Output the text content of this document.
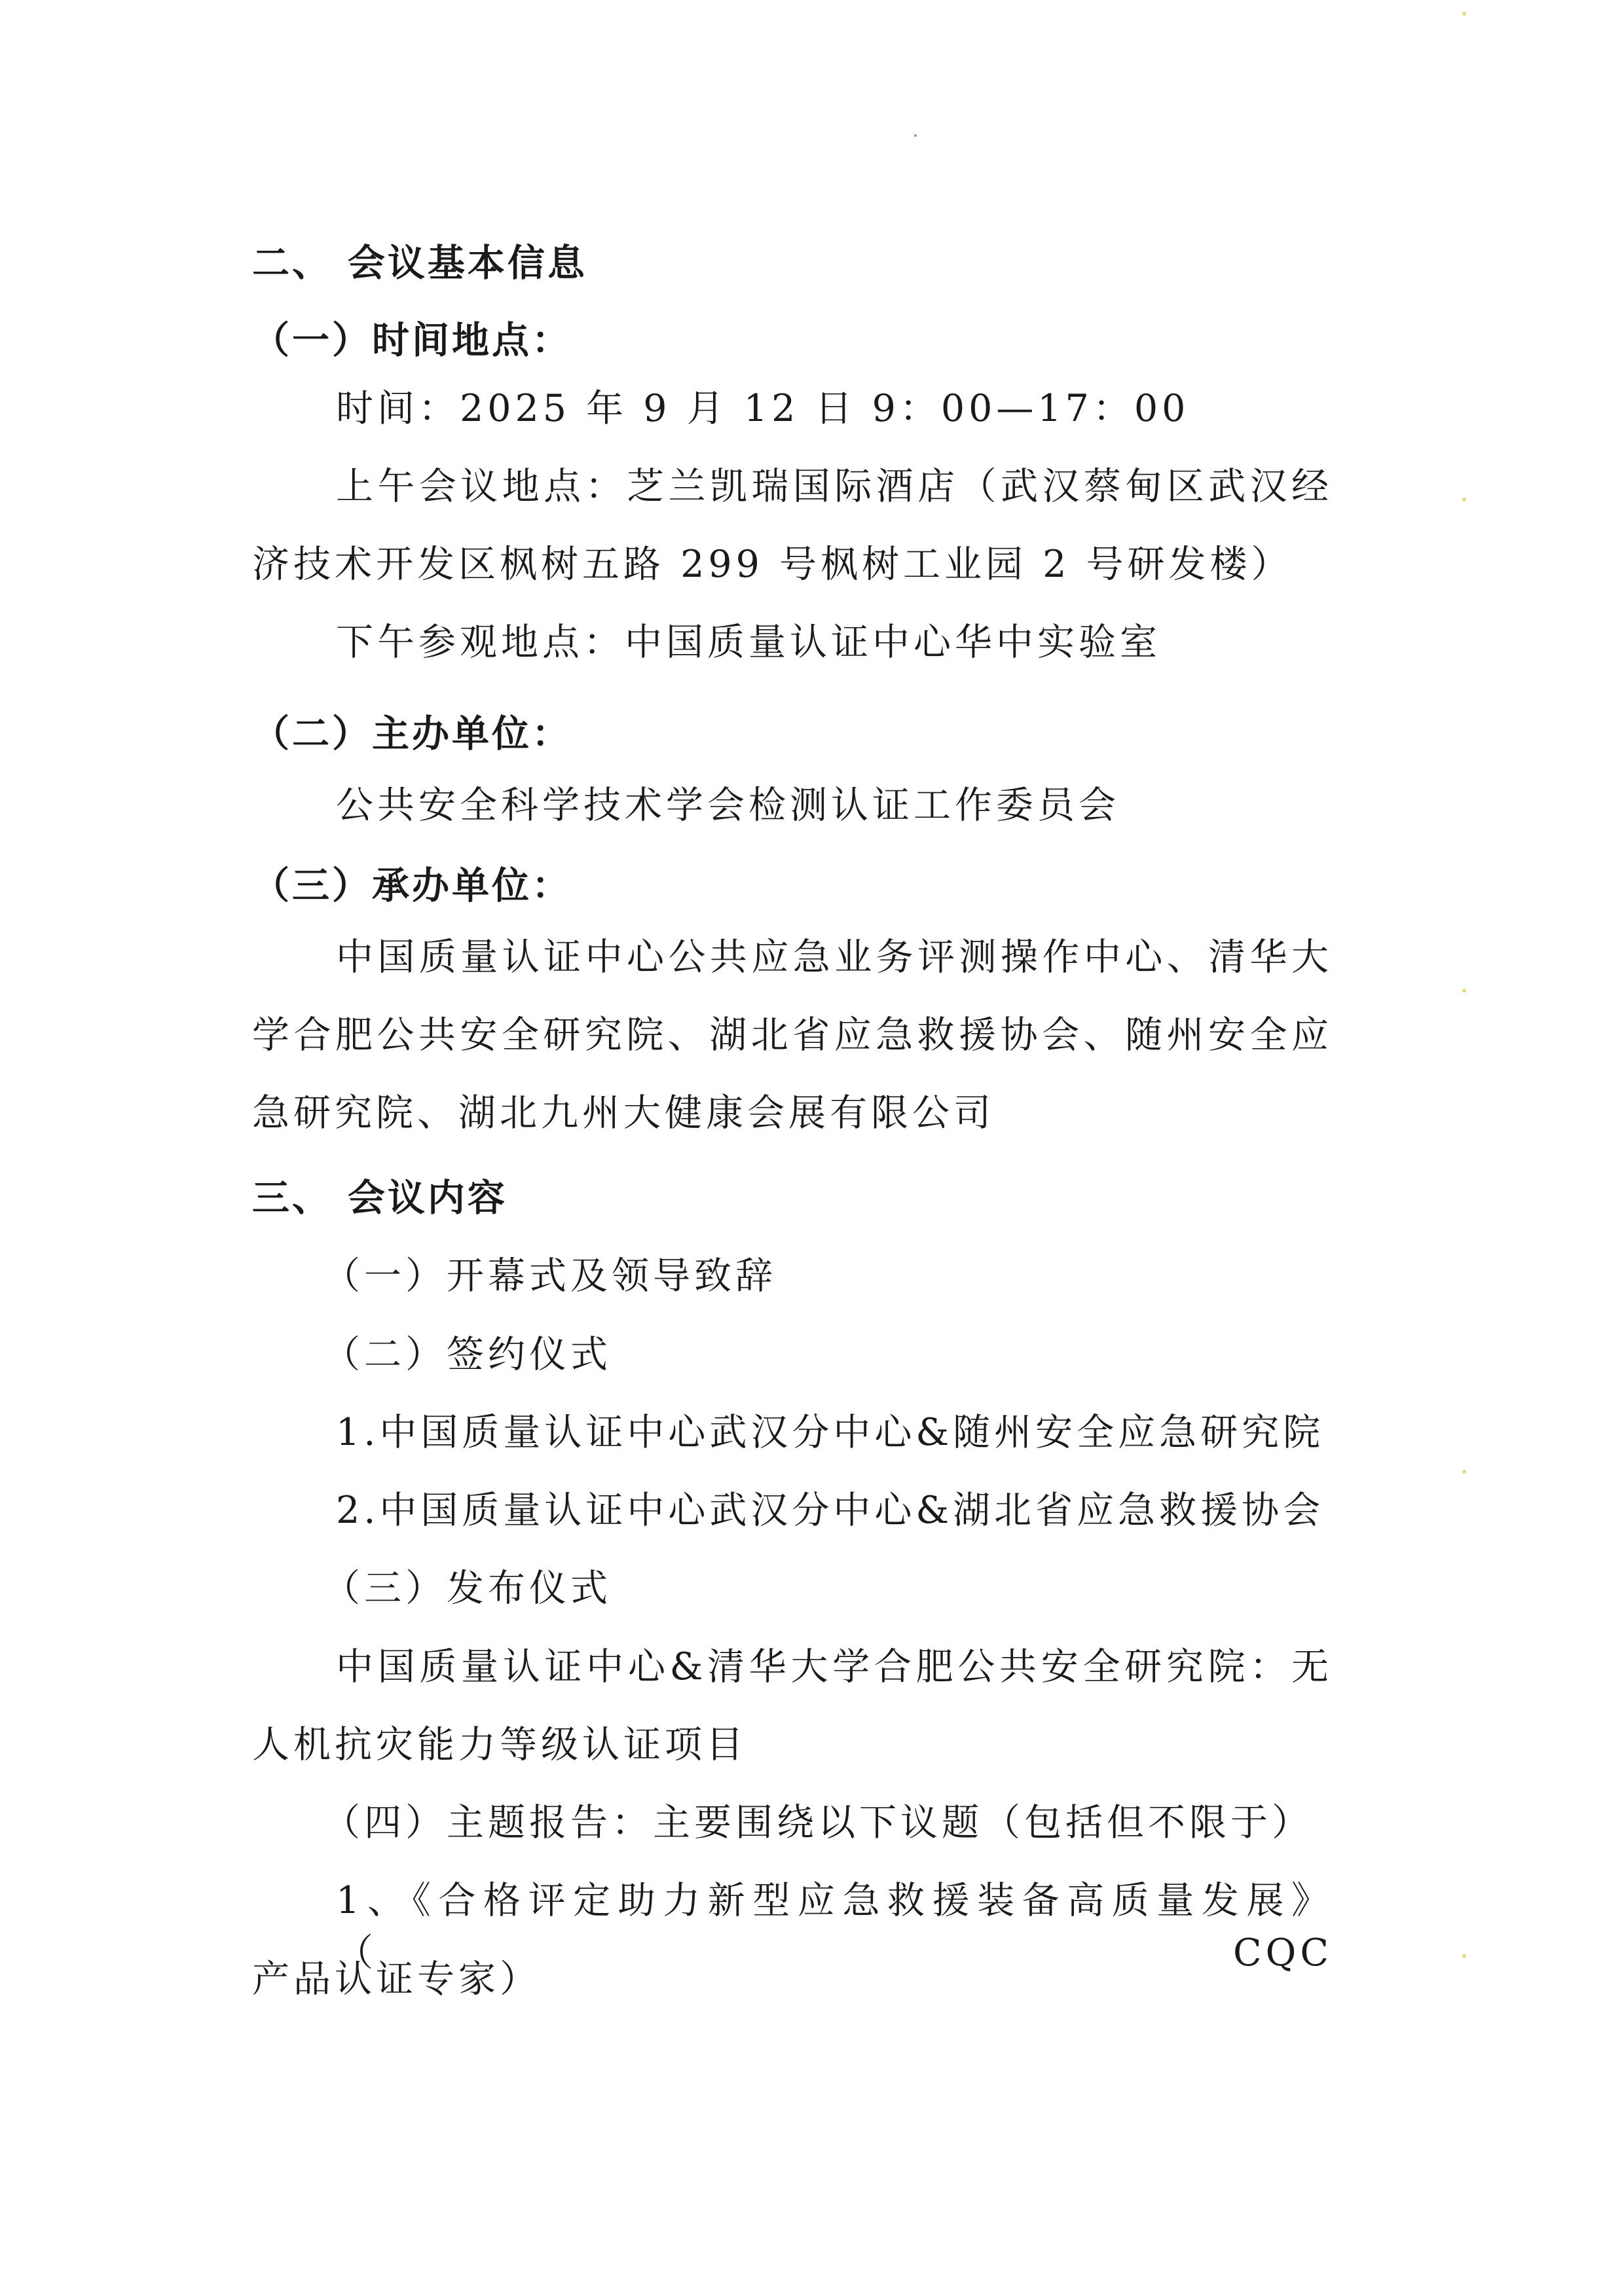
二、 会议基本信息
（一）时间地点：
时间：2025 年 9 月 12 日 9：00—17：00
上午会议地点：芝兰凯瑞国际酒店（武汉蔡甸区武汉经
济技术开发区枫树五路 299 号枫树工业园 2 号研发楼）
下午参观地点：中国质量认证中心华中实验室
（二）主办单位：
公共安全科学技术学会检测认证工作委员会
（三）承办单位：
中国质量认证中心公共应急业务评测操作中心、清华大
学合肥公共安全研究院、湖北省应急救援协会、随州安全应
急研究院、湖北九州大健康会展有限公司
三、 会议内容
（一）开幕式及领导致辞
（二）签约仪式
1.中国质量认证中心武汉分中心&随州安全应急研究院
2.中国质量认证中心武汉分中心&湖北省应急救援协会
（三）发布仪式
中国质量认证中心&清华大学合肥公共安全研究院：无
人机抗灾能力等级认证项目
（四）主题报告：主要围绕以下议题（包括但不限于）
1、《合格评定助力新型应急救援装备高质量发展》（CQC
产品认证专家）
